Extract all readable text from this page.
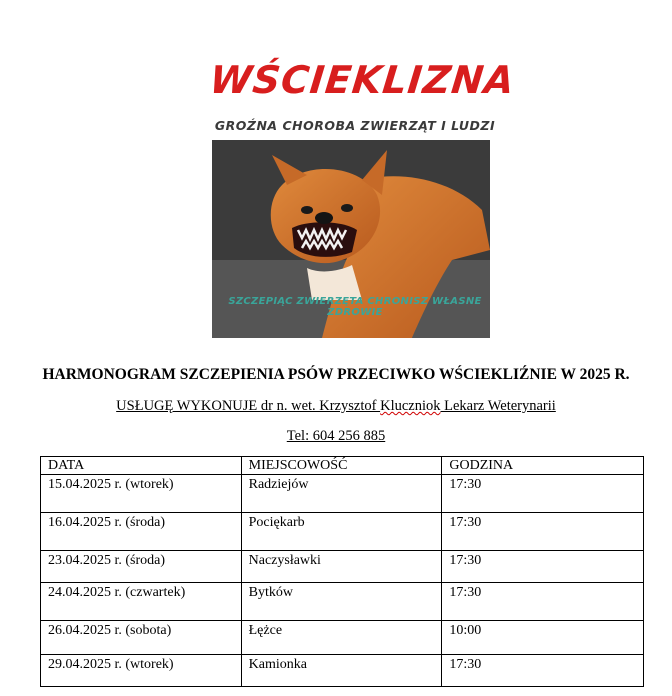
WŚCIEKLIZNA
GROŹNA CHOROBA ZWIERZĄT I LUDZI
SZCZEPIĄC ZWIERZĘTA CHRONISZ WŁASNE ZDROWIE
HARMONOGRAM SZCZEPIENIA PSÓW PRZECIWKO WŚCIEKLIŹNIE W 2025 R.
USŁUGĘ WYKONUJE dr n. wet. Krzysztof Kluczniok Lekarz Weterynarii
Tel: 604 256 885
DATA	MIEJSCOWOŚĆ	GODZINA
15.04.2025 r. (wtorek)	Radziejów	17:30
16.04.2025 r. (środa)	Pociękarb	17:30
23.04.2025 r. (środa)	Naczysławki	17:30
24.04.2025 r. (czwartek)	Bytków	17:30
26.04.2025 r. (sobota)	Łężce	10:00
29.04.2025 r. (wtorek)	Kamionka	17:30
